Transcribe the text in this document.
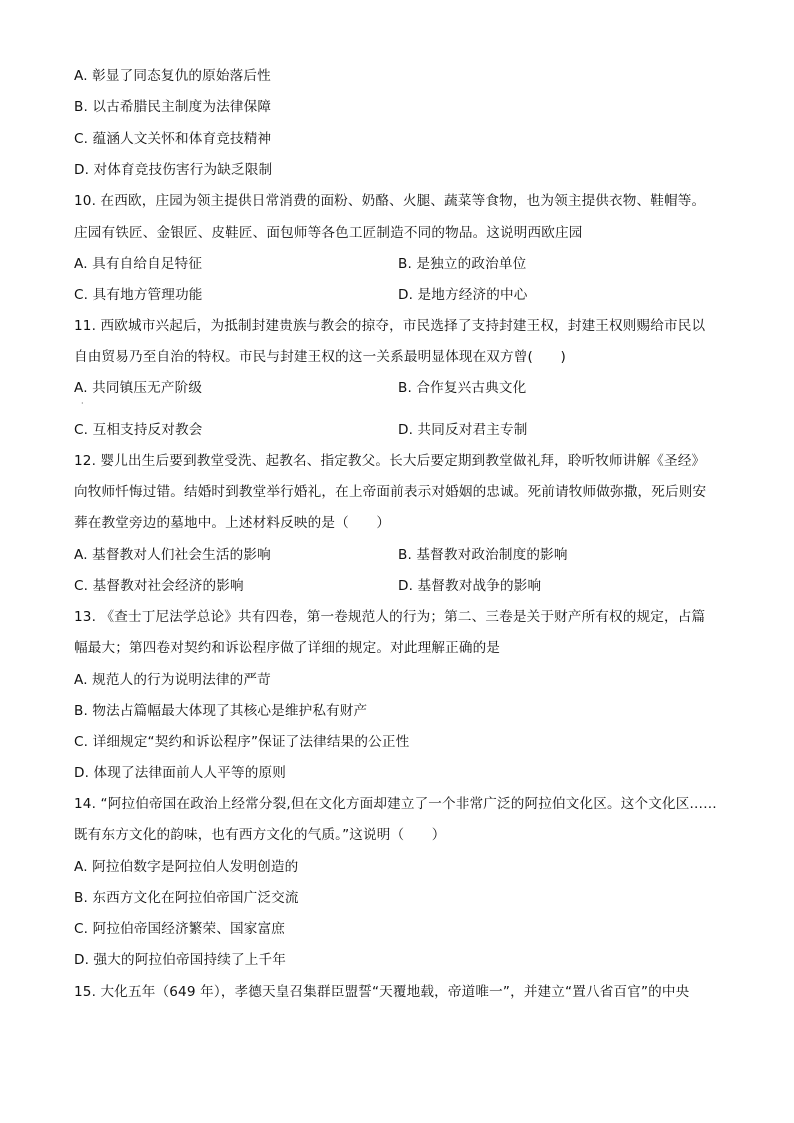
A. 彰显了同态复仇的原始落后性
B. 以古希腊民主制度为法律保障
C. 蕴涵人文关怀和体育竞技精神
D. 对体育竞技伤害行为缺乏限制
10. 在西欧，庄园为领主提供日常消费的面粉、奶酪、火腿、蔬菜等食物，也为领主提供衣物、鞋帽等。
庄园有铁匠、金银匠、皮鞋匠、面包师等各色工匠制造不同的物品。这说明西欧庄园
A. 具有自给自足特征	B. 是独立的政治单位
C. 具有地方管理功能	D. 是地方经济的中心
11. 西欧城市兴起后，为抵制封建贵族与教会的掠夺，市民选择了支持封建王权，封建王权则赐给市民以
自由贸易乃至自治的特权。市民与封建王权的这一关系最明显体现在双方曾(　　)
A. 共同镇压无产阶级	B. 合作复兴古典文化
·
C. 互相支持反对教会	D. 共同反对君主专制
12. 婴儿出生后要到教堂受洗、起教名、指定教父。长大后要定期到教堂做礼拜，聆听牧师讲解《圣经》
向牧师忏悔过错。结婚时到教堂举行婚礼，在上帝面前表示对婚姻的忠诚。死前请牧师做弥撒，死后则安
葬在教堂旁边的墓地中。上述材料反映的是（　　）
A. 基督教对人们社会生活的影响	B. 基督教对政治制度的影响
C. 基督教对社会经济的影响	D. 基督教对战争的影响
13. 《查士丁尼法学总论》共有四卷，第一卷规范人的行为；第二、三卷是关于财产所有权的规定，占篇
幅最大；第四卷对契约和诉讼程序做了详细的规定。对此理解正确的是
A. 规范人的行为说明法律的严苛
B. 物法占篇幅最大体现了其核心是维护私有财产
C. 详细规定“契约和诉讼程序”保证了法律结果的公正性
D. 体现了法律面前人人平等的原则
14. “阿拉伯帝国在政治上经常分裂,但在文化方面却建立了一个非常广泛的阿拉伯文化区。这个文化区……
既有东方文化的韵味，也有西方文化的气质。”这说明（　　）
A. 阿拉伯数字是阿拉伯人发明创造的
B. 东西方文化在阿拉伯帝国广泛交流
C. 阿拉伯帝国经济繁荣、国家富庶
D. 强大的阿拉伯帝国持续了上千年
15. 大化五年（649 年），孝德天皇召集群臣盟誓“天覆地载，帝道唯一”，并建立“置八省百官”的中央
